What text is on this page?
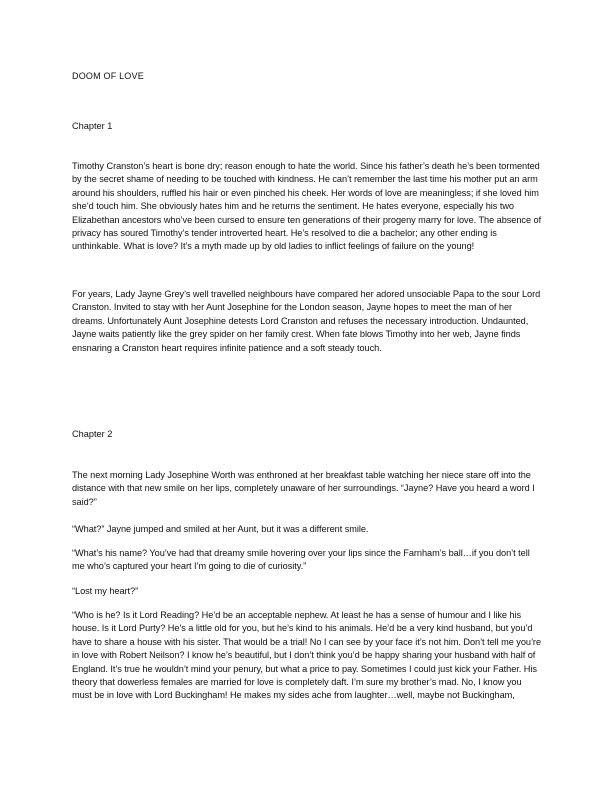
DOOM OF LOVE
Chapter 1

Timothy Cranston’s heart is bone dry; reason enough to hate the world. Since his father’s death he’s been tormented by the secret shame of needing to be touched with kindness. He can’t remember the last time his mother put an arm around his shoulders, ruffled his hair or even pinched his cheek. Her words of love are meaningless; if she loved him she’d touch him. She obviously hates him and he returns the sentiment. He hates everyone, especially his two Elizabethan ancestors who’ve been cursed to ensure ten generations of their progeny marry for love. The absence of privacy has soured Timothy’s tender introverted heart. He’s resolved to die a bachelor; any other ending is unthinkable. What is love? It’s a myth made up by old ladies to inflict feelings of failure on the young!

For years, Lady Jayne Grey’s well travelled neighbours have compared her adored unsociable Papa to the sour Lord Cranston. Invited to stay with her Aunt Josephine for the London season, Jayne hopes to meet the man of her dreams. Unfortunately Aunt Josephine detests Lord Cranston and refuses the necessary introduction. Undaunted, Jayne waits patiently like the grey spider on her family crest. When fate blows Timothy into her web, Jayne finds ensnaring a Cranston heart requires infinite patience and a soft steady touch.

Chapter 2

The next morning Lady Josephine Worth was enthroned at her breakfast table watching her niece stare off into the distance with that new smile on her lips, completely unaware of her surroundings. “Jayne? Have you heard a word I said?”

“What?” Jayne jumped and smiled at her Aunt, but it was a different smile.

“What’s his name? You’ve had that dreamy smile hovering over your lips since the Farnham’s ball…if you don’t tell me who’s captured your heart I’m going to die of curiosity.”

“Lost my heart?”

“Who is he? Is it Lord Reading? He’d be an acceptable nephew. At least he has a sense of humour and I like his house. Is it Lord Purty? He’s a little old for you, but he’s kind to his animals. He’d be a very kind husband, but you’d have to share a house with his sister. That would be a trial! No I can see by your face it’s not him. Don’t tell me you’re in love with Robert Neilson? I know he’s beautiful, but I don’t think you’d be happy sharing your husband with half of England. It’s true he wouldn’t mind your penury, but what a price to pay. Sometimes I could just kick your Father. His theory that dowerless females are married for love is completely daft. I’m sure my brother’s mad. No, I know you must be in love with Lord Buckingham! He makes my sides ache from laughter…well, maybe not Buckingham,
